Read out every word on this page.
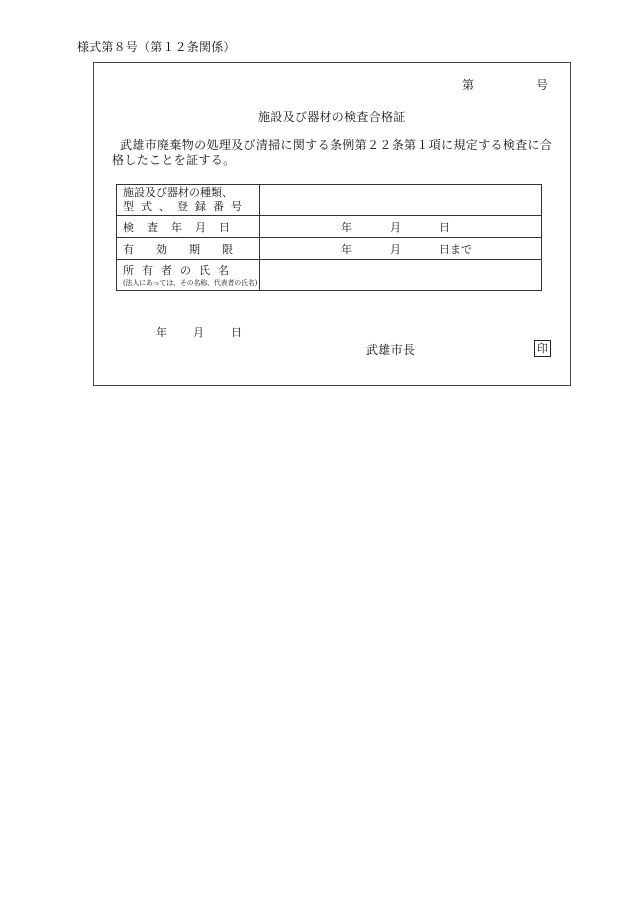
様式第８号（第１２条関係）
第	号
施設及び器材の検査合格証
武雄市廃棄物の処理及び清掃に関する条例第２２条第１項に規定する検査に合
格したことを証する。
施設及び器材の種類、
型式、登録番号	

検査年月日	年 月 日

有効期限	年 月 日まで

所有者の氏名
(法人にあっては、その名称、代表者の氏名)	

年 月 日
武雄市長	印
